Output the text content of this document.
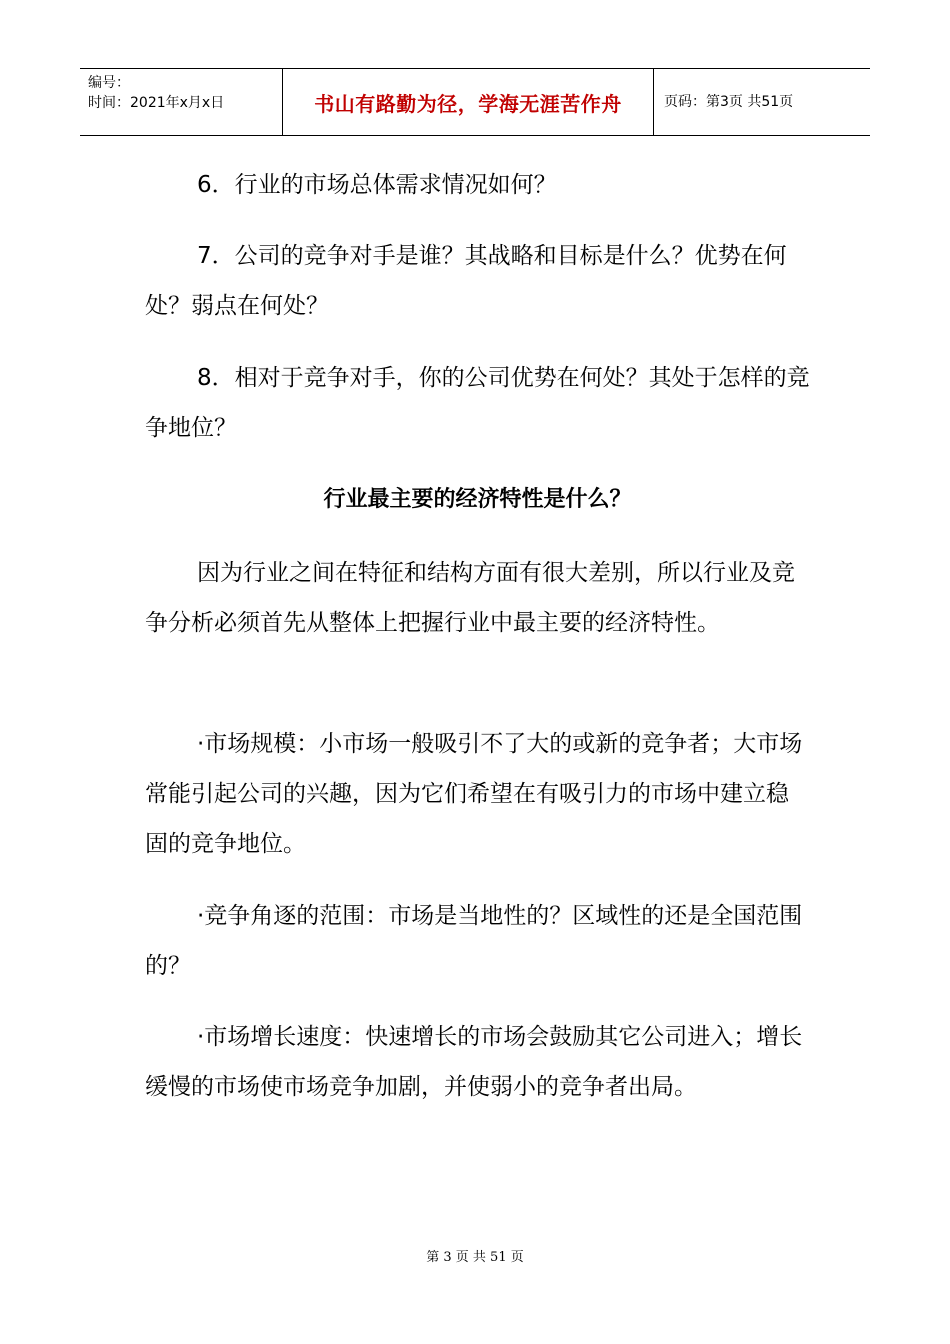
编号：
时间：2021年x月x日	书山有路勤为径，学海无涯苦作舟	页码：第3页 共51页

6．行业的市场总体需求情况如何？

7．公司的竞争对手是谁？其战略和目标是什么？优势在何处？弱点在何处？

8．相对于竞争对手，你的公司优势在何处？其处于怎样的竞争地位？

行业最主要的经济特性是什么？

因为行业之间在特征和结构方面有很大差别，所以行业及竞争分析必须首先从整体上把握行业中最主要的经济特性。

·市场规模：小市场一般吸引不了大的或新的竞争者；大市场常能引起公司的兴趣，因为它们希望在有吸引力的市场中建立稳固的竞争地位。

·竞争角逐的范围：市场是当地性的？区域性的还是全国范围的？

·市场增长速度：快速增长的市场会鼓励其它公司进入；增长缓慢的市场使市场竞争加剧，并使弱小的竞争者出局。

第 3 页 共 51 页
